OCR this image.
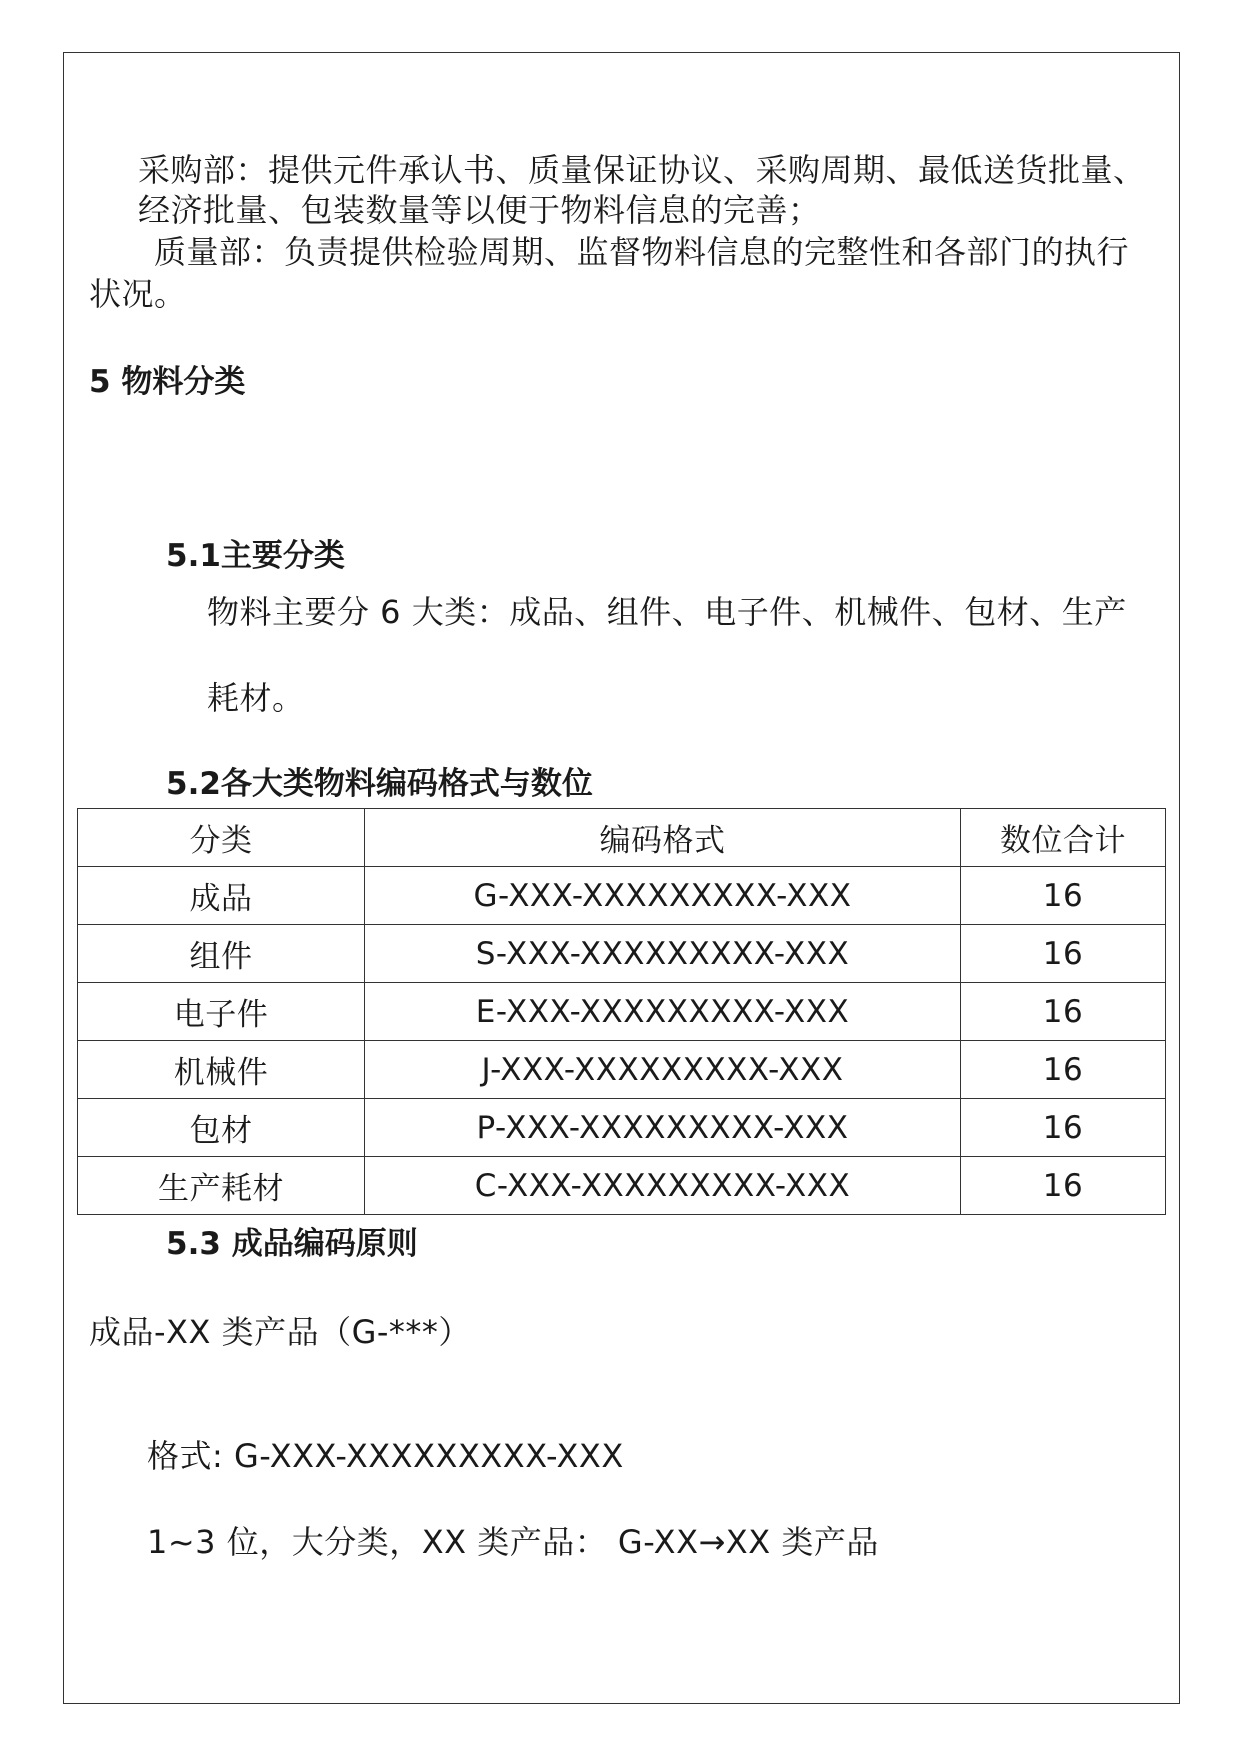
采购部：提供元件承认书、质量保证协议、采购周期、最低送货批量、
经济批量、包装数量等以便于物料信息的完善；
质量部：负责提供检验周期、监督物料信息的完整性和各部门的执行
状况。
5 物料分类
5.1主要分类
物料主要分 6 大类：成品、组件、电子件、机械件、包材、生产
耗材。
5.2各大类物料编码格式与数位
分类	编码格式	数位合计
成品	G-XXX-XXXXXXXXX-XXX	16
组件	S-XXX-XXXXXXXXX-XXX	16
电子件	E-XXX-XXXXXXXXX-XXX	16
机械件	J-XXX-XXXXXXXXX-XXX	16
包材	P-XXX-XXXXXXXXX-XXX	16
生产耗材	C-XXX-XXXXXXXXX-XXX	16
5.3 成品编码原则
成品-XX 类产品（G-***）
格式: G-XXX-XXXXXXXXX-XXX
1~3 位，大分类，XX 类产品： G-XX→XX 类产品
